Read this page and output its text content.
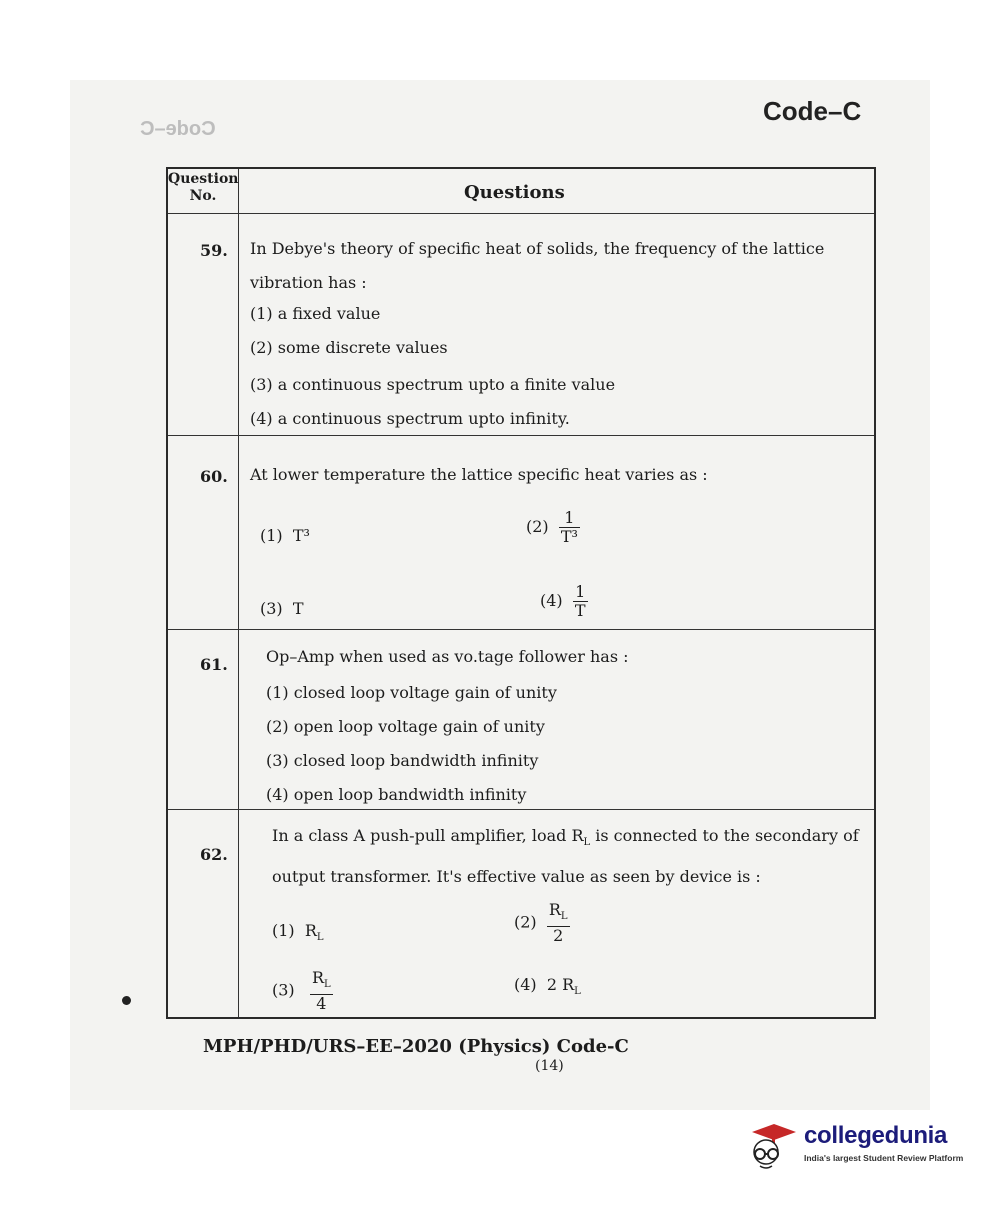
Code–C
Code–C
Question No.	Questions
59. In Debye's theory of specific heat of solids, the frequency of the lattice vibration has :
(1) a fixed value
(2) some discrete values
(3) a continuous spectrum upto a finite value
(4) a continuous spectrum upto infinity.
60. At lower temperature the lattice specific heat varies as :
(1) T³	$(2) \frac{1}{\text{T³}}$
(3) T	$(4) \frac{1}{T}$
61. Op–Amp when used as vo.tage follower has :
(1) closed loop voltage gain of unity
(2) open loop voltage gain of unity
(3) closed loop bandwidth infinity
(4) open loop bandwidth infinity
62.
In a class A push-pull amplifier, load $R_L$ is connected to the secondary of output transformer. It's effective value as seen by device is :
(1) $R_L$
$(2) \frac{R_L}{2}$
$(3) \frac{R_L}{4}$	(4) 2 $R_L$
MPH/PHD/URS–EE–2020 (Physics) Code-C
(14)
collegedunia
India's largest Student Review Platform
